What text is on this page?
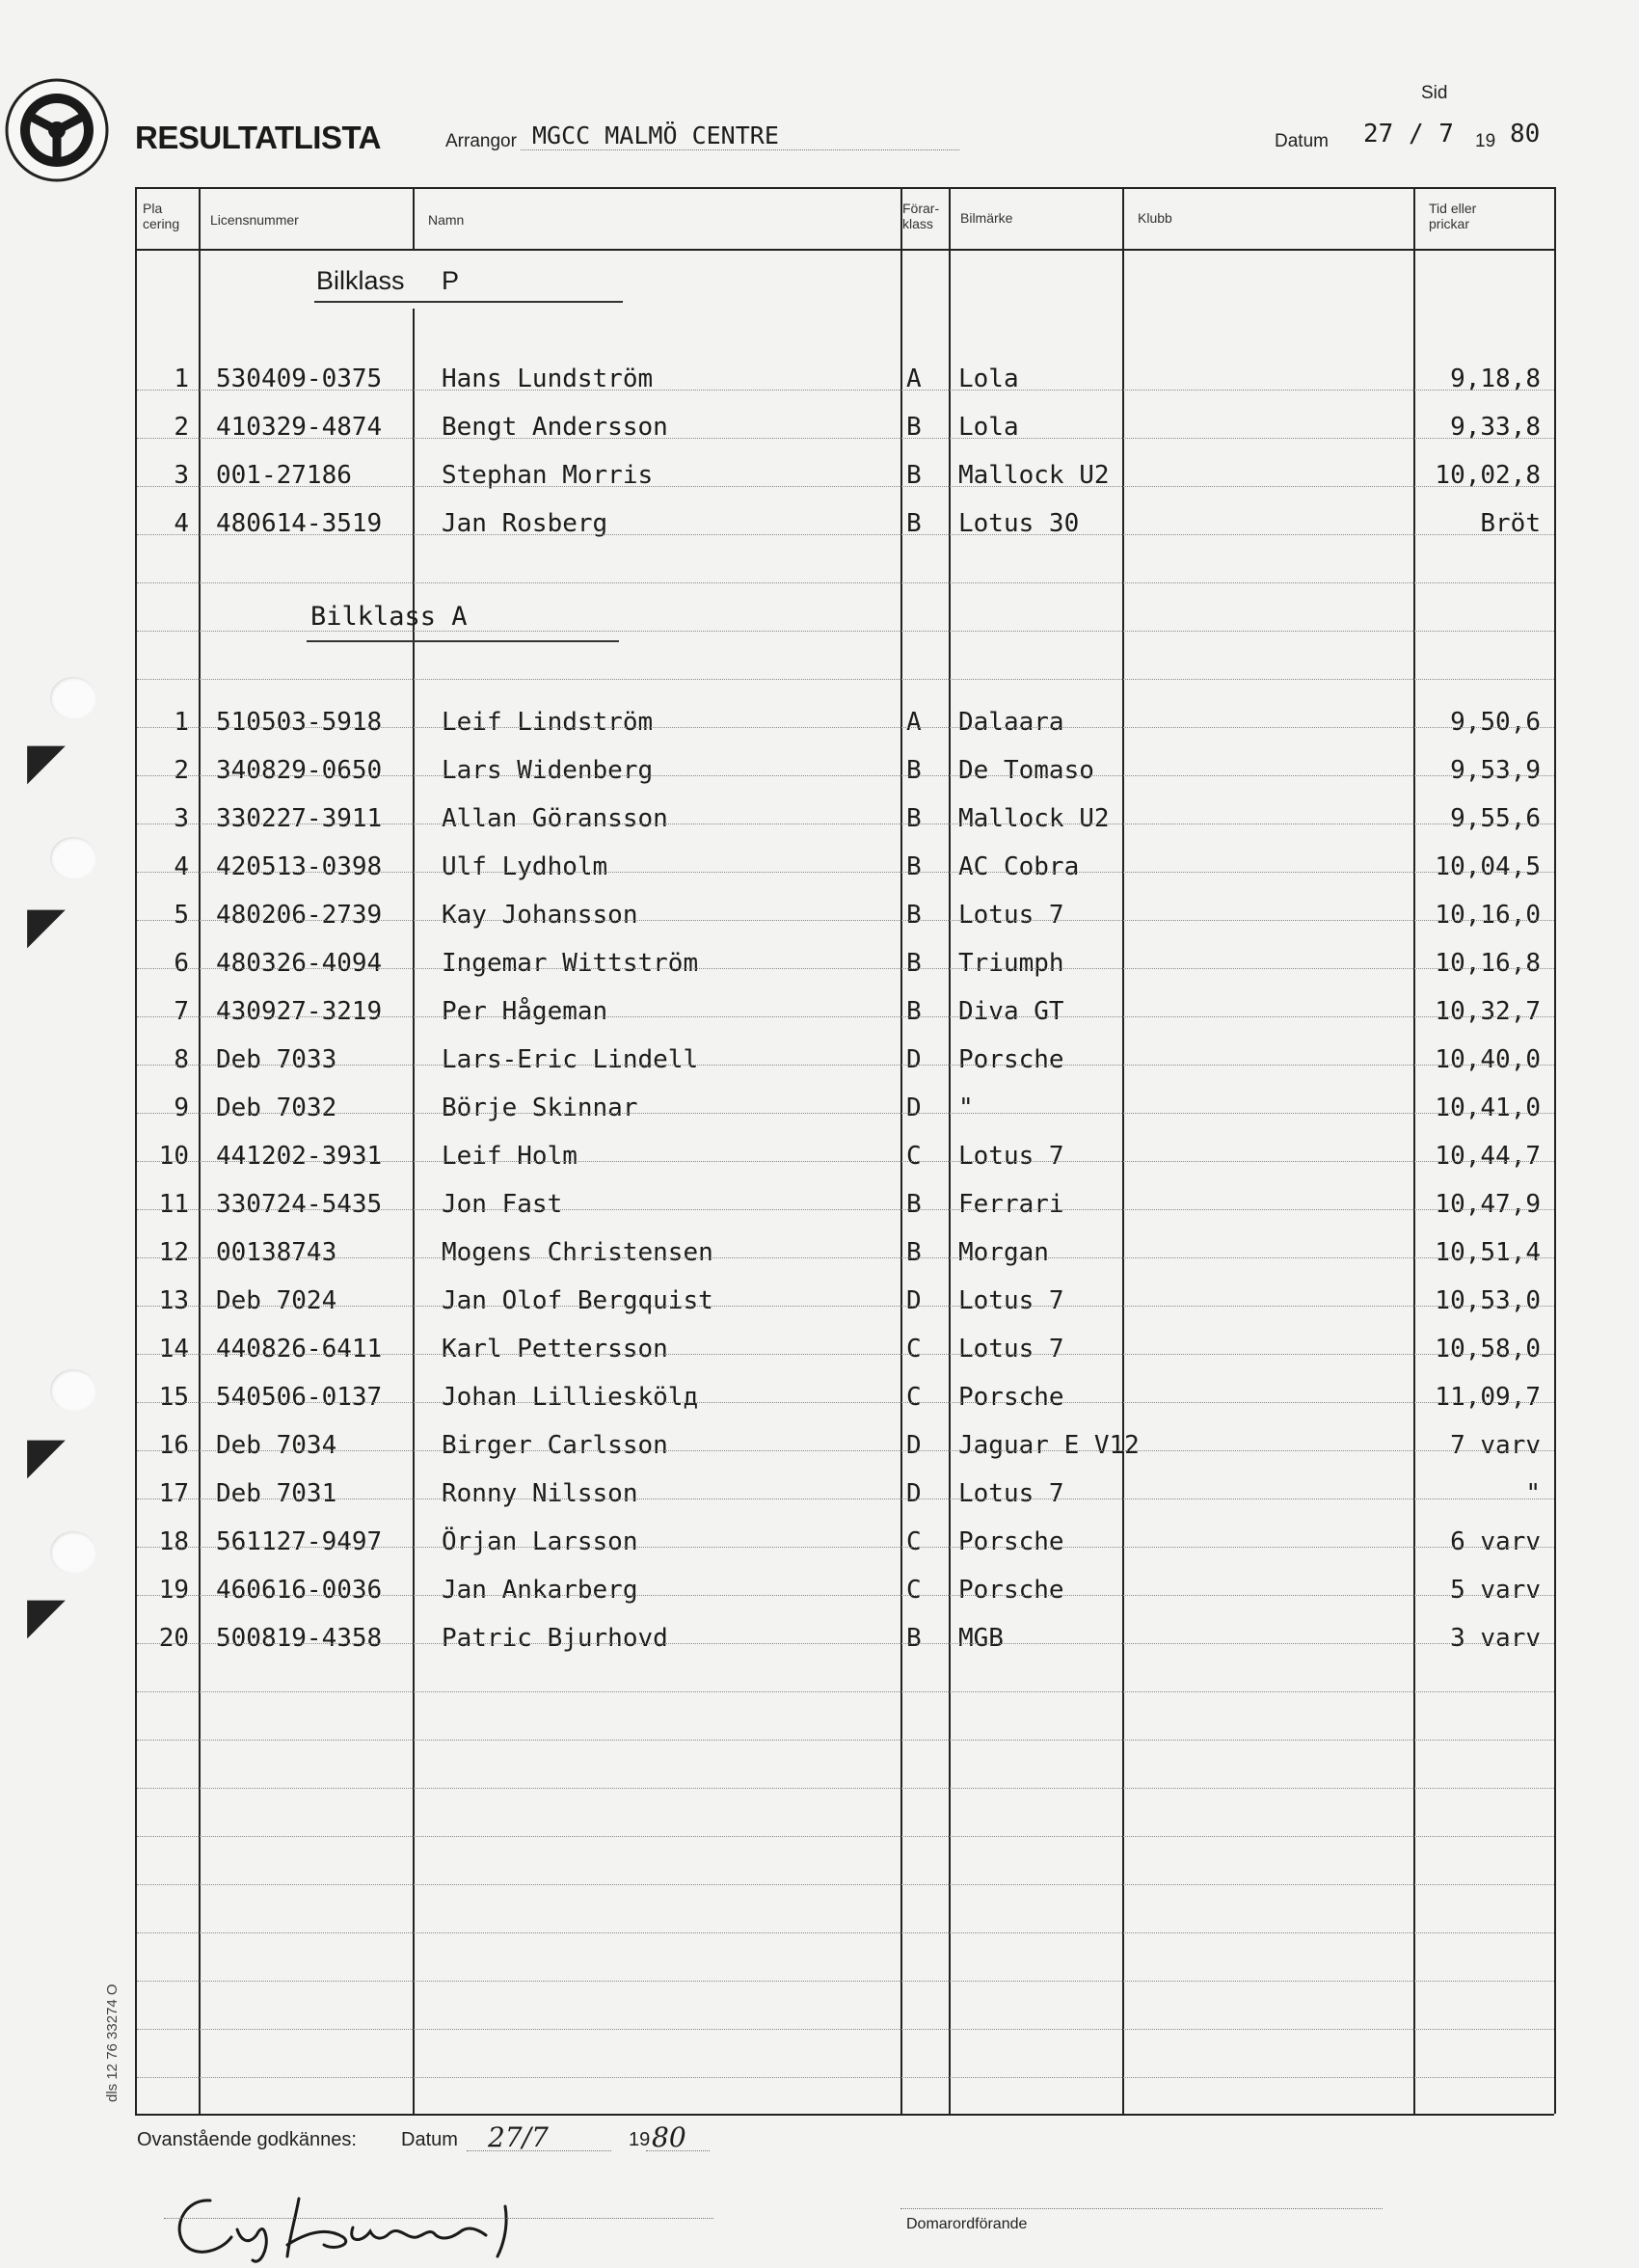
◤
◤
◤
◤
RESULTATLISTA	Arrangor MGCC MALMÖ CENTRE
Sid
Datum 27 / 7 19 80
Pla cering	Licensnummer	Namn
Förar- klass	Bilmärke	Klubb
Tid eller prickar
Bilklass P
Bilklass A
1 530409-0375	Hans Lundström	A	Lola	9,18,8
2 410329-4874	Bengt Andersson	B	Lola	9,33,8
3 001-27186	Stephan Morris	B	Mallock U2	10,02,8
4 480614-3519	Jan Rosberg	B	Lotus 30	Bröt
1 510503-5918	Leif Lindström	A	Dalaara	9,50,6
2 340829-0650	Lars Widenberg	B	De Tomaso	9,53,9
3 330227-3911	Allan Göransson	B	Mallock U2	9,55,6
4 420513-0398	Ulf Lydholm	B	AC Cobra	10,04,5
5 480206-2739	Kay Johansson	B	Lotus 7	10,16,0
6 480326-4094	Ingemar Wittström	B	Triumph	10,16,8
7 430927-3219	Per Hågeman	B	Diva GT	10,32,7
8 Deb 7033	Lars-Eric Lindell	D	Porsche	10,40,0
9 Deb 7032	Börje Skinnar	D	"	10,41,0
10 441202-3931	Leif Holm	C	Lotus 7	10,44,7
11 330724-5435	Jon Fast	B	Ferrari	10,47,9
12 00138743	Mogens Christensen	B	Morgan	10,51,4
13 Deb 7024	Jan Olof Bergquist	D	Lotus 7	10,53,0
14 440826-6411	Karl Pettersson	C	Lotus 7	10,58,0
15 540506-0137	Johan Lillieskölд	C	Porsche	11,09,7
16 Deb 7034	Birger Carlsson	D	Jaguar E V12	7 varv
17 Deb 7031	Ronny Nilsson	D	Lotus 7	"
18 561127-9497	Örjan Larsson	C	Porsche	6 varv
19 460616-0036	Jan Ankarberg	C	Porsche	5 varv
20 500819-4358	Patric Bjurhovd	B	MGB	3 varv
Ovanstående godkännes: Datum 27/7	19 80
Domarordförande
dls 12 76 33274 O
